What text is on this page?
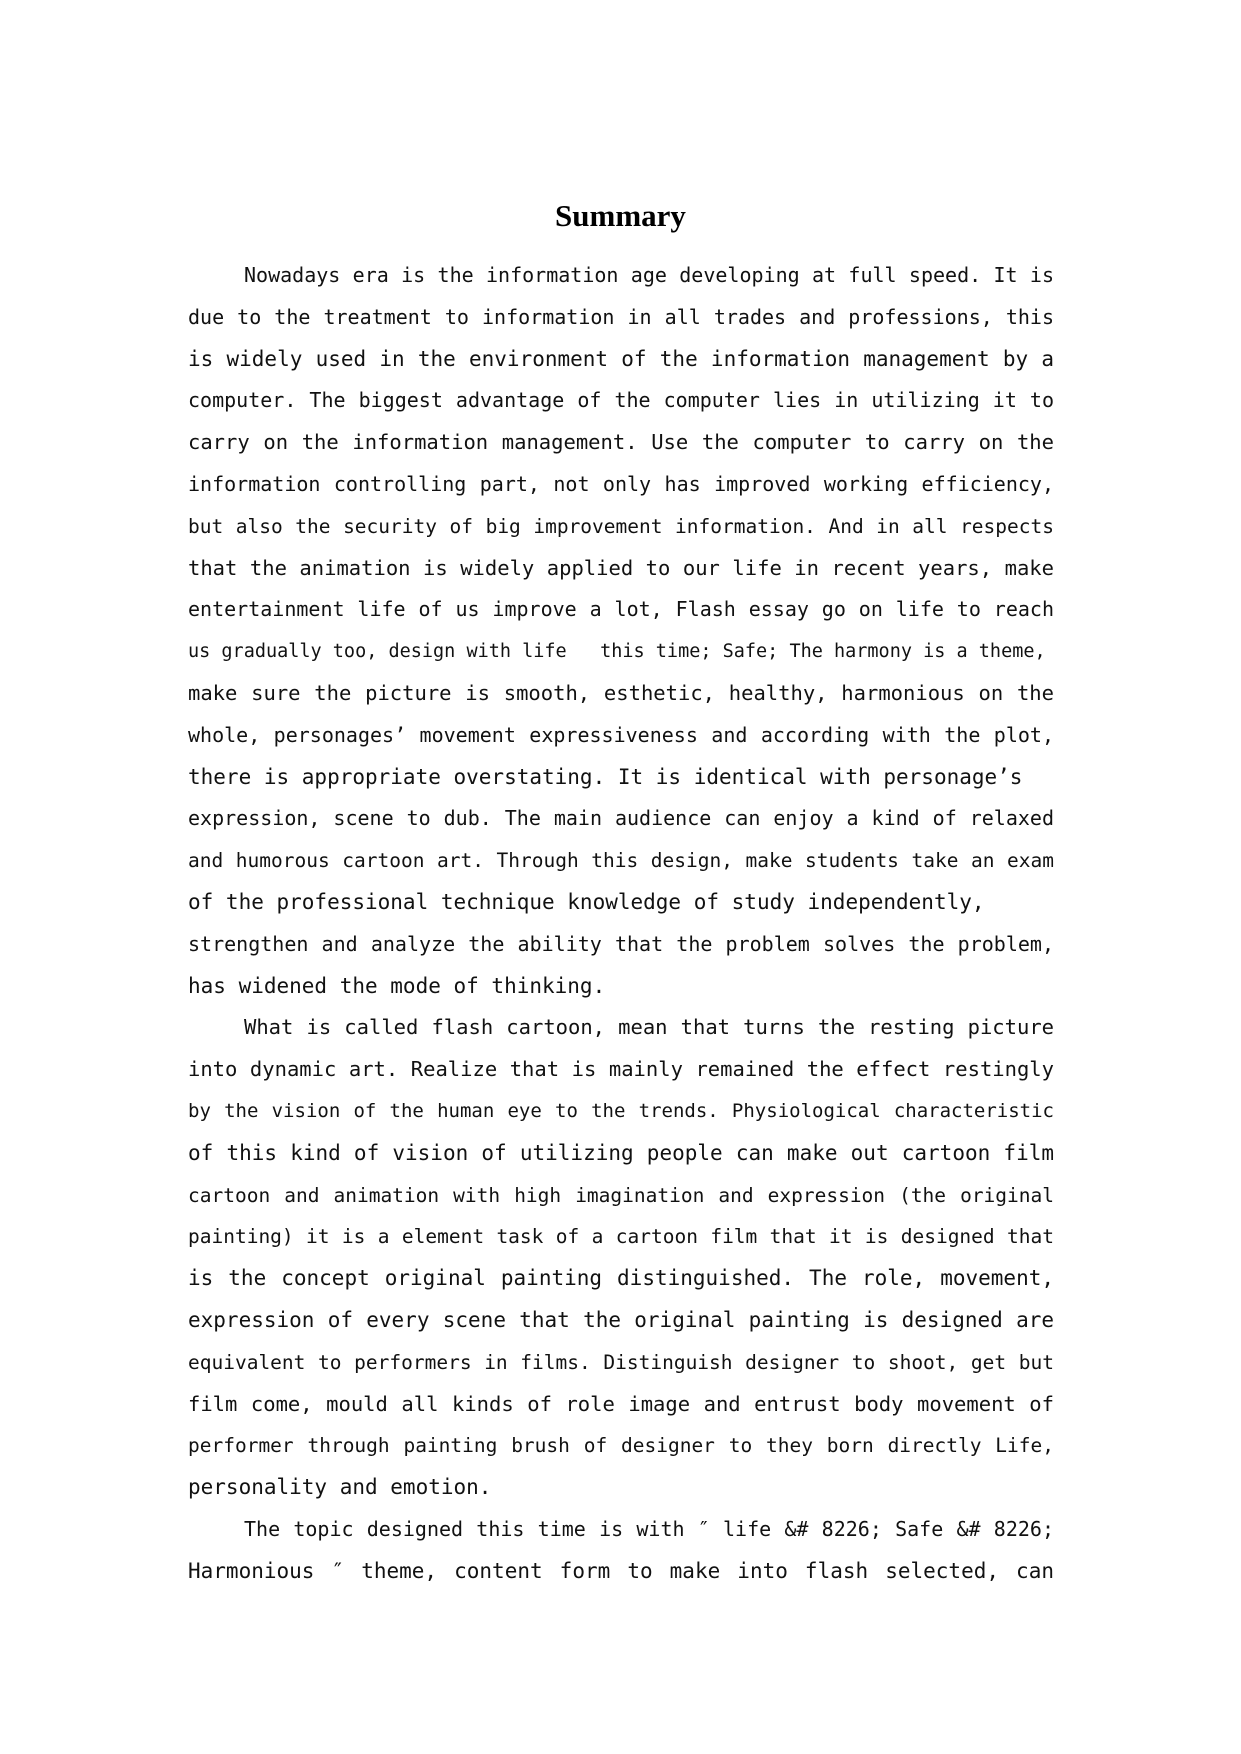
Summary
Nowadays era is the information age developing at full speed. It is
due to the treatment to information in all trades and professions, this
is widely used in the environment of the information management by a
computer. The biggest advantage of the computer lies in utilizing it to
carry on the information management. Use the computer to carry on the
information controlling part, not only has improved working efficiency,
but also the security of big improvement information. And in all respects
that the animation is widely applied to our life in recent years, make
entertainment life of us improve a lot, Flash essay go on life to reach
us gradually too, design with life   this time; Safe; The harmony is a theme,
make sure the picture is smooth, esthetic, healthy, harmonious on the
whole, personages’ movement expressiveness and according with the plot,
there is appropriate overstating. It is identical with personage’s
expression, scene to dub. The main audience can enjoy a kind of relaxed
and humorous cartoon art. Through this design, make students take an exam
of the professional technique knowledge of study independently,
strengthen and analyze the ability that the problem solves the problem,
has widened the mode of thinking.
What is called flash cartoon, mean that turns the resting picture
into dynamic art. Realize that is mainly remained the effect restingly
by the vision of the human eye to the trends. Physiological characteristic
of this kind of vision of utilizing people can make out cartoon film
cartoon and animation with high imagination and expression (the original
painting) it is a element task of a cartoon film that it is designed that
is the concept original painting distinguished. The role, movement,
expression of every scene that the original painting is designed are
equivalent to performers in films. Distinguish designer to shoot, get but
film come, mould all kinds of role image and entrust body movement of
performer through painting brush of designer to they born directly Life,
personality and emotion.
The topic designed this time is with ″ life &# 8226; Safe &# 8226;
Harmonious ″ theme, content form to make into flash selected, can
